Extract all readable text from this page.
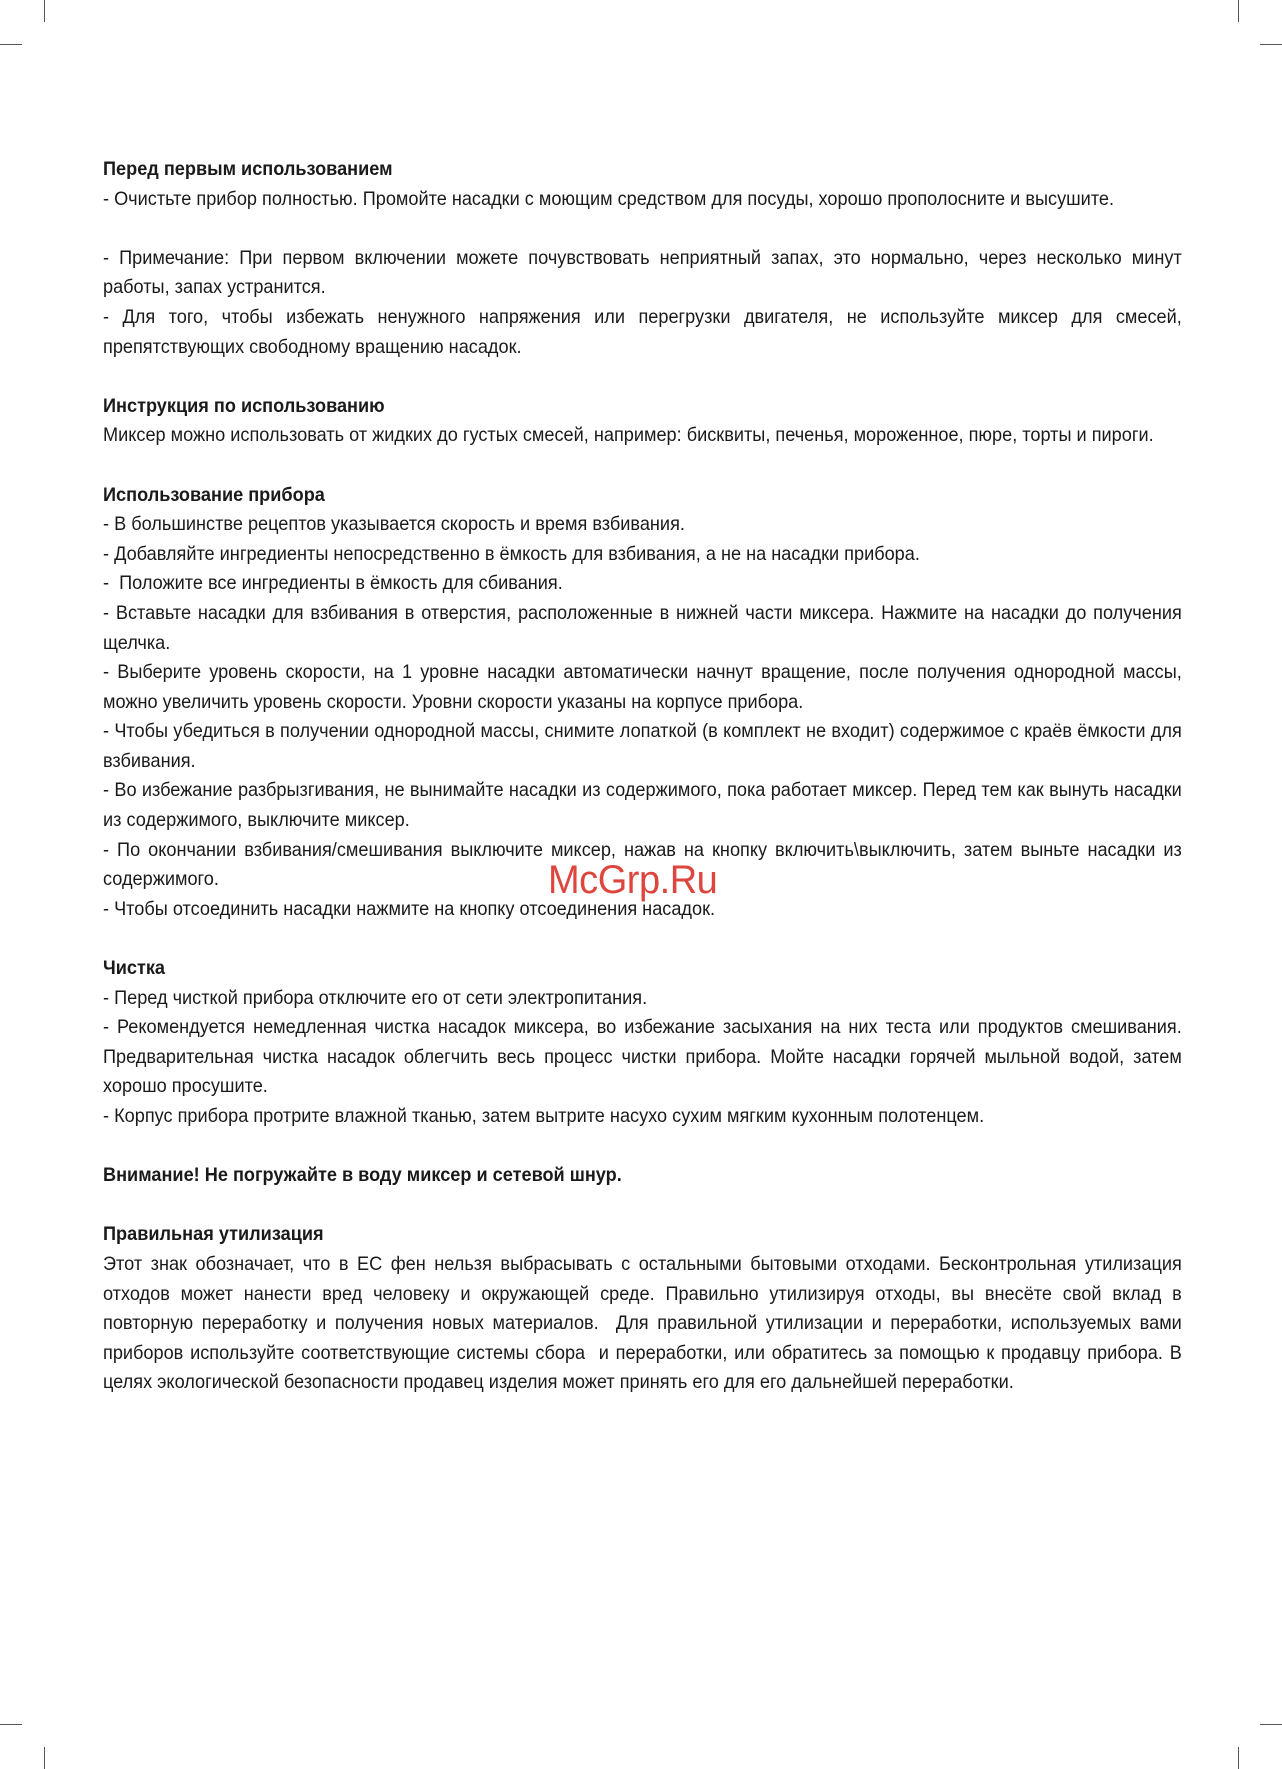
Перед первым использованием
- Очистьте прибор полностью. Промойте насадки с моющим средством для посуды, хорошо прополосните и высушите.

- Примечание: При первом включении можете почувствовать неприятный запах, это нормально, через несколько минут работы, запах устранится.
- Для того, чтобы избежать ненужного напряжения или перегрузки двигателя, не используйте миксер для смесей, препятствующих свободному вращению насадок.
Инструкция по использованию
Миксер можно использовать от жидких до густых смесей, например: бисквиты, печенья, мороженное, пюре, торты и пироги.
Использование прибора
- В большинстве рецептов указывается скорость и время взбивания.
- Добавляйте ингредиенты непосредственно в ёмкость для взбивания, а не на насадки прибора.
-  Положите все ингредиенты в ёмкость для сбивания.
- Вставьте насадки для взбивания в отверстия, расположенные в нижней части миксера. Нажмите на насадки до получения щелчка.
- Выберите уровень скорости, на 1 уровне насадки автоматически начнут вращение, после получения однородной массы, можно увеличить уровень скорости. Уровни скорости указаны на корпусе прибора.
- Чтобы убедиться в получении однородной массы, снимите лопаткой (в комплект не входит) содержимое с краёв ёмкости для взбивания.
- Во избежание разбрызгивания, не вынимайте насадки из содержимого, пока работает миксер. Перед тем как вынуть насадки из содержимого, выключите миксер.
- По окончании взбивания/смешивания выключите миксер, нажав на кнопку включить\выключить, затем выньте насадки из содержимого.
- Чтобы отсоединить насадки нажмите на кнопку отсоединения насадок.
Чистка
- Перед чисткой прибора отключите его от сети электропитания.
- Рекомендуется немедленная чистка насадок миксера, во избежание засыхания на них теста или продуктов смешивания. Предварительная чистка насадок облегчить весь процесс чистки прибора. Мойте насадки горячей мыльной водой, затем хорошо просушите.
- Корпус прибора протрите влажной тканью, затем вытрите насухо сухим мягким кухонным полотенцем.
Внимание! Не погружайте в воду миксер и сетевой шнур.
Правильная утилизация
Этот знак обозначает, что в ЕС фен нельзя выбрасывать с остальными бытовыми отходами. Бесконтрольная утилизация отходов может нанести вред человеку и окружающей среде. Правильно утилизируя отходы, вы внесёте свой вклад в повторную переработку и получения новых материалов.  Для правильной утилизации и переработки, используемых вами приборов используйте соответствующие системы сбора  и переработки, или обратитесь за помощью к продавцу прибора. В целях экологической безопасности продавец изделия может принять его для его дальнейшей переработки.
McGrp.Ru
